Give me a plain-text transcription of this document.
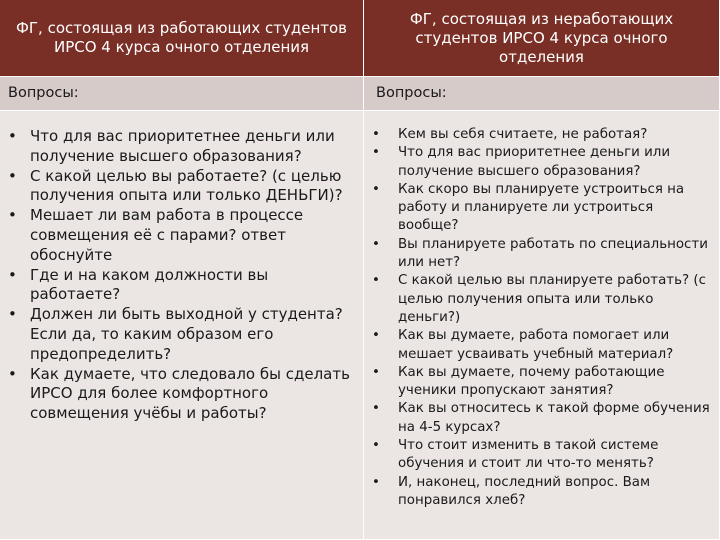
ФГ, состоящая из работающих студентов ИРСО 4 курса очного отделения
ФГ, состоящая из неработающих студентов ИРСО 4 курса очного отделения
Вопросы:	Вопросы:
• Что для вас приоритетнее деньги или получение высшего образования?
• С какой целью вы работаете? (с целью получения опыта или только ДЕНЬГИ)?
• Мешает ли вам работа в процессе совмещения её с парами? ответ обоснуйте
• Где и на каком должности вы работаете?
• Должен ли быть выходной у студента? Если да, то каким образом его предопределить?
• Как думаете, что следовало бы сделать ИРСО для более комфортного совмещения учёбы и работы?
• Кем вы себя считаете, не работая?
• Что для вас приоритетнее деньги или получение высшего образования?
• Как скоро вы планируете устроиться на работу и планируете ли устроиться вообще?
• Вы планируете работать по специальности или нет?
• С какой целью вы планируете работать? (с целью получения опыта или только деньги?)
• Как вы думаете, работа помогает или мешает усваивать учебный материал?
• Как вы думаете, почему работающие ученики пропускают занятия?
• Как вы относитесь к такой форме обучения на 4-5 курсах?
• Что стоит изменить в такой системе обучения и стоит ли что-то менять?
• И, наконец, последний вопрос. Вам понравился хлеб?
